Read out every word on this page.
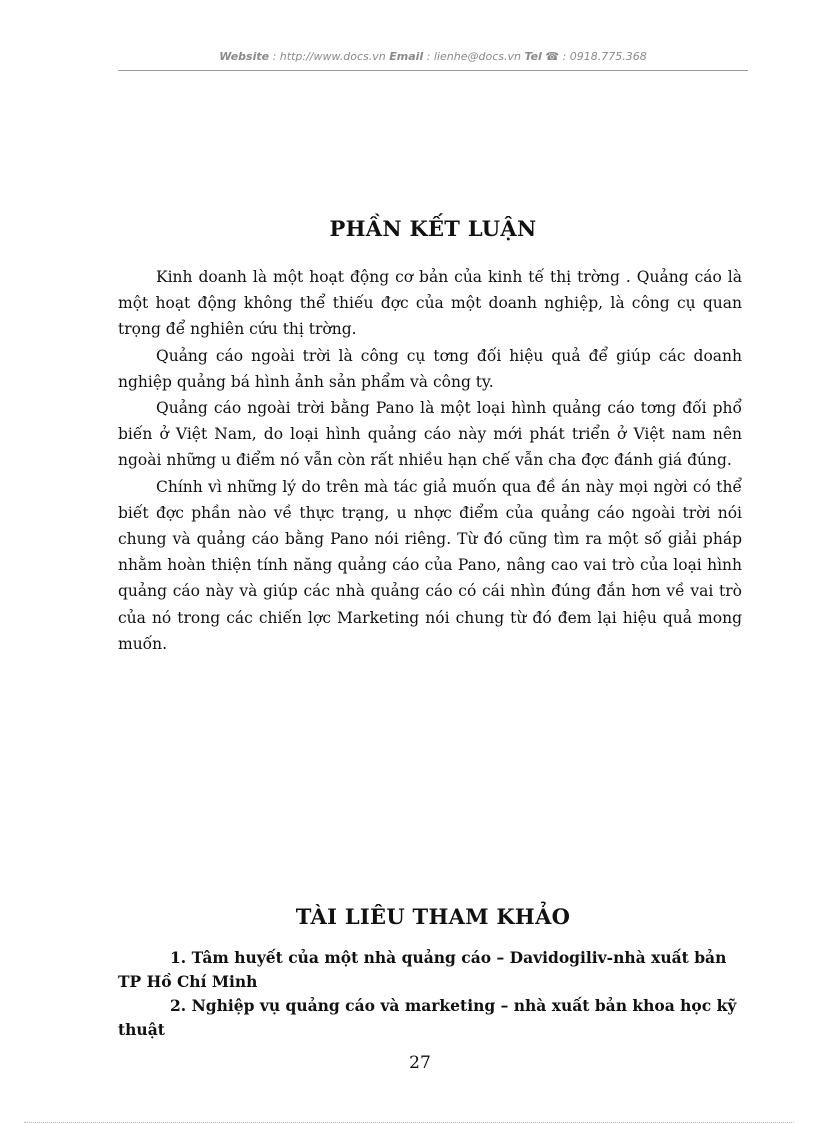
Website : http://www.docs.vn Email : lienhe@docs.vn Tel ☎ : 0918.775.368
PHẦN KẾT LUẬN

Kinh doanh là một hoạt động cơ bản của kinh tế thị trờng . Quảng cáo là một hoạt động không thể thiếu đợc của một doanh nghiệp, là công cụ quan trọng để nghiên cứu thị trờng.

Quảng cáo ngoài trời là công cụ tơng đối hiệu quả để giúp các doanh nghiệp quảng bá hình ảnh sản phẩm và công ty.

Quảng cáo ngoài trời bằng Pano là một loại hình quảng cáo tơng đối phổ biến ở Việt Nam, do loại hình quảng cáo này mới phát triển ở Việt nam nên ngoài những u điểm nó vẫn còn rất nhiều hạn chế vẫn cha đợc đánh giá đúng.

Chính vì những lý do trên mà tác giả muốn qua đề án này mọi ngời có thể biết đợc phần nào về thực trạng, u nhợc điểm của quảng cáo ngoài trời nói chung và quảng cáo bằng Pano nói riêng. Từ đó cũng tìm ra một số giải pháp nhằm hoàn thiện tính năng quảng cáo của Pano, nâng cao vai trò của loại hình quảng cáo này và giúp các nhà quảng cáo có cái nhìn đúng đắn hơn về vai trò của nó trong các chiến lợc Marketing nói chung từ đó đem lại hiệu quả mong muốn.

TÀI LIÊU THAM KHẢO

1. Tâm huyết của một nhà quảng cáo – Davidogiliv-nhà xuất bản TP Hồ Chí Minh

2. Nghiệp vụ quảng cáo và marketing – nhà xuất bản khoa học kỹ thuật

27
